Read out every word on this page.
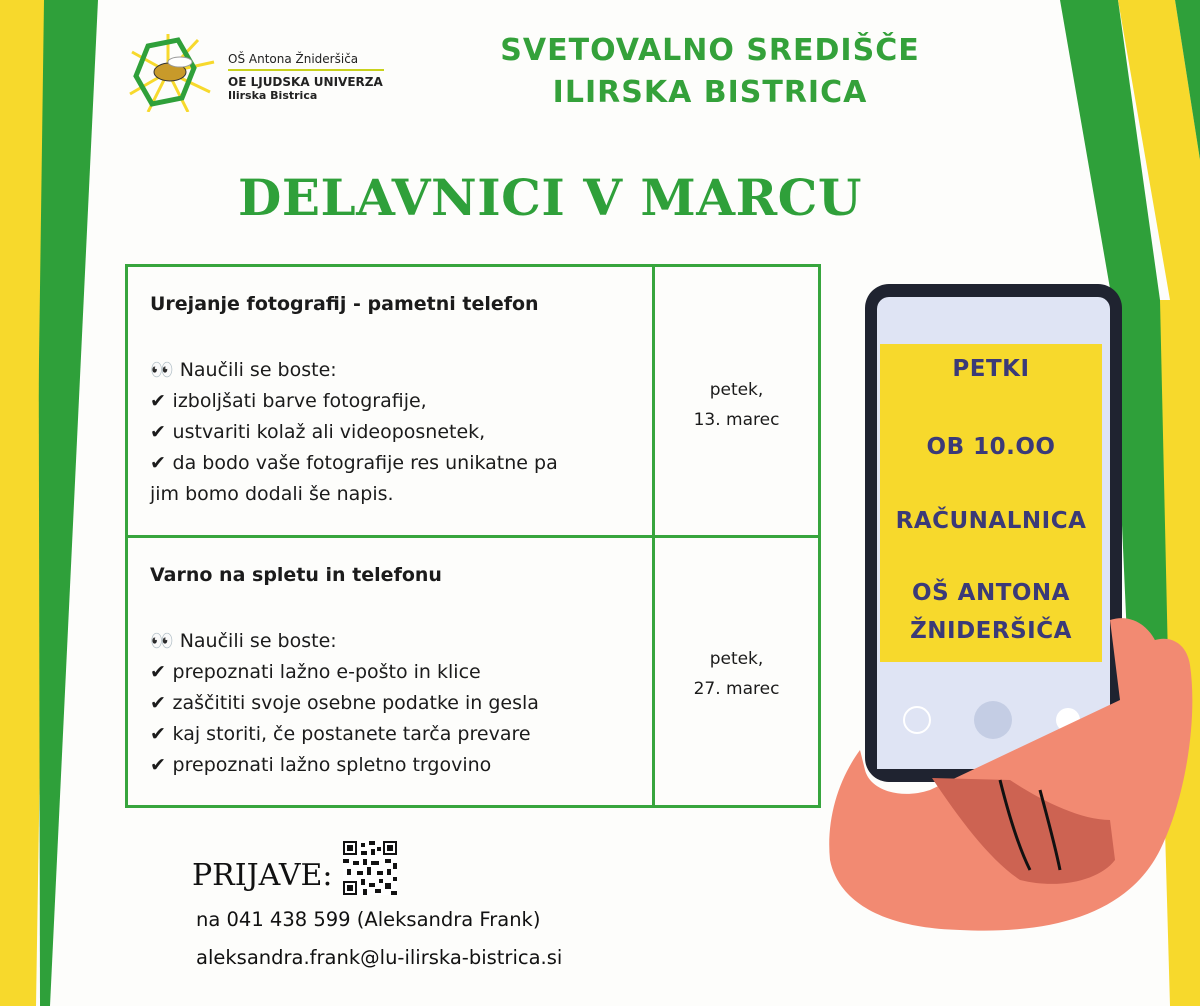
OŠ Antona Žnideršiča
OE LJUDSKA UNIVERZA
Ilirska Bistrica
SVETOVALNO SREDIŠČE
ILIRSKA BISTRICA
DELAVNICI V MARCU
Urejanje fotografij - pametni telefon
👀 Naučili se boste:
✔ izboljšati barve fotografije,
✔ ustvariti kolaž ali videoposnetek,
✔ da bodo vaše fotografije res unikatne pa
jim bomo dodali še napis.
petek,
13. marec
Varno na spletu in telefonu
👀 Naučili se boste:
✔ prepoznati lažno e-pošto in klice
✔ zaščititi svoje osebne podatke in gesla
✔ kaj storiti, če postanete tarča prevare
✔ prepoznati lažno spletno trgovino
petek,
27. marec
PRIJAVE:
na 041 438 599 (Aleksandra Frank)
aleksandra.frank@lu-ilirska-bistrica.si
PETKI
OB 10.OO
RAČUNALNICA
OŠ ANTONA
ŽNIDERŠIČA
